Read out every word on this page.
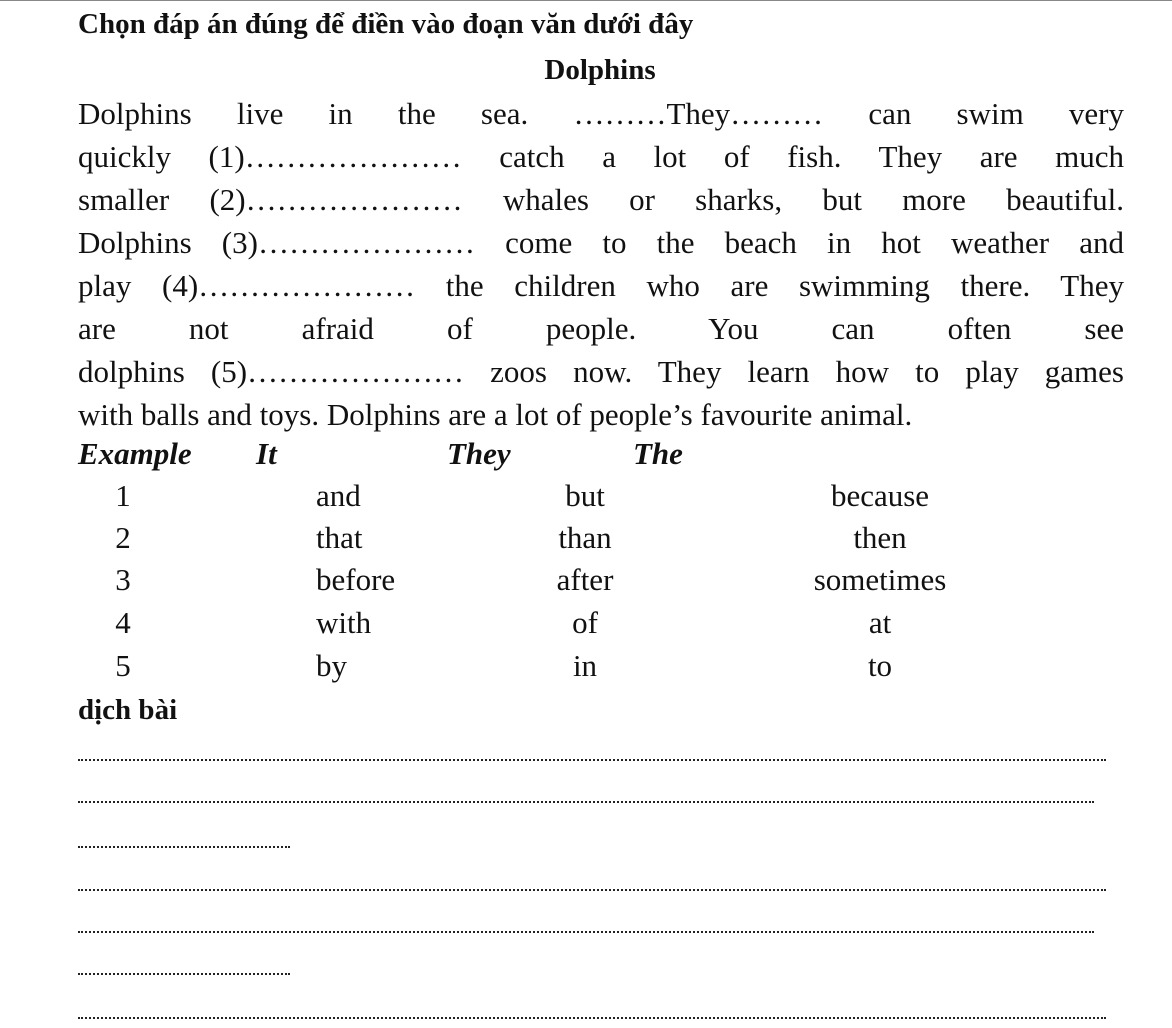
Chọn đáp án đúng để điền vào đoạn văn dưới đây
Dolphins
Dolphins live in the sea. ………They……… can swim very
quickly (1)………………… catch a lot of fish. They are much
smaller (2)………………… whales or sharks, but more beautiful.
Dolphins (3)………………… come to the beach in hot weather and
play (4)………………… the children who are swimming there. They
are not afraid of people. You can often see
dolphins (5)………………… zoos now. They learn how to play games
with balls and toys. Dolphins are a lot of people’s favourite animal.
Example It	They	The
1	and	but	because
2	that	than	then
3	before	after	sometimes
4	with	of	at
5	by	in	to
dịch bài
